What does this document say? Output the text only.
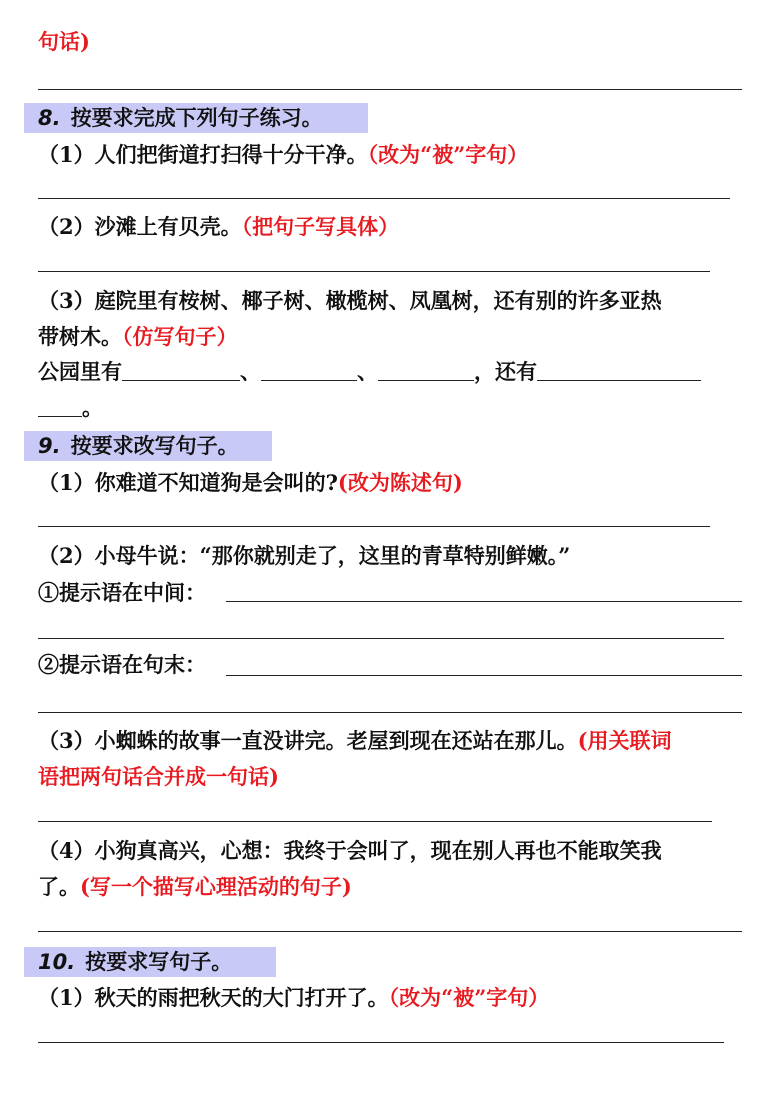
句话)
8. 按要求完成下列句子练习。
（1）人们把街道打扫得十分干净。（改为“被”字句）
（2）沙滩上有贝壳。（把句子写具体）
（3）庭院里有桉树、椰子树、橄榄树、凤凰树，还有别的许多亚热
带树木。（仿写句子）
公园里有	、	、	，还有
。
9. 按要求改写句子。
（1）你难道不知道狗是会叫的?(改为陈述句)
（2）小母牛说：“那你就别走了，这里的青草特别鲜嫩。”
①提示语在中间：
②提示语在句末：
（3）小蜘蛛的故事一直没讲完。老屋到现在还站在那儿。(用关联词
语把两句话合并成一句话)
（4）小狗真高兴，心想：我终于会叫了，现在别人再也不能取笑我
了。(写一个描写心理活动的句子)
10. 按要求写句子。
（1）秋天的雨把秋天的大门打开了。（改为“被”字句）
